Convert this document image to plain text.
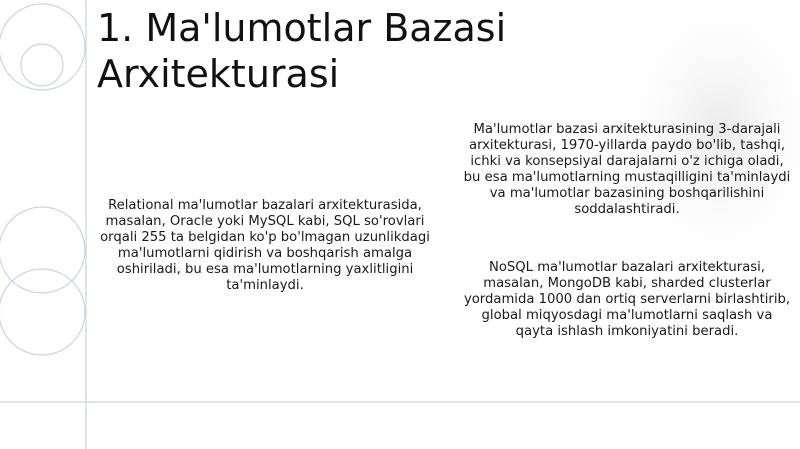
1. Ma'lumotlar Bazasi Arxitekturasi

Relational ma'lumotlar bazalari arxitekturasida, masalan, Oracle yoki MySQL kabi, SQL so'rovlari orqali 255 ta belgidan ko'p bo'lmagan uzunlikdagi ma'lumotlarni qidirish va boshqarish amalga oshiriladi, bu esa ma'lumotlarning yaxlitligini ta'minlaydi.

Ma'lumotlar bazasi arxitekturasining 3-darajali arxitekturasi, 1970-yillarda paydo bo'lib, tashqi, ichki va konsepsiyal darajalarni o'z ichiga oladi, bu esa ma'lumotlarning mustaqilligini ta'minlaydi va ma'lumotlar bazasining boshqarilishini soddalashtiradi.

NoSQL ma'lumotlar bazalari arxitekturasi, masalan, MongoDB kabi, sharded clusterlar yordamida 1000 dan ortiq serverlarni birlashtirib, global miqyosdagi ma'lumotlarni saqlash va qayta ishlash imkoniyatini beradi.
